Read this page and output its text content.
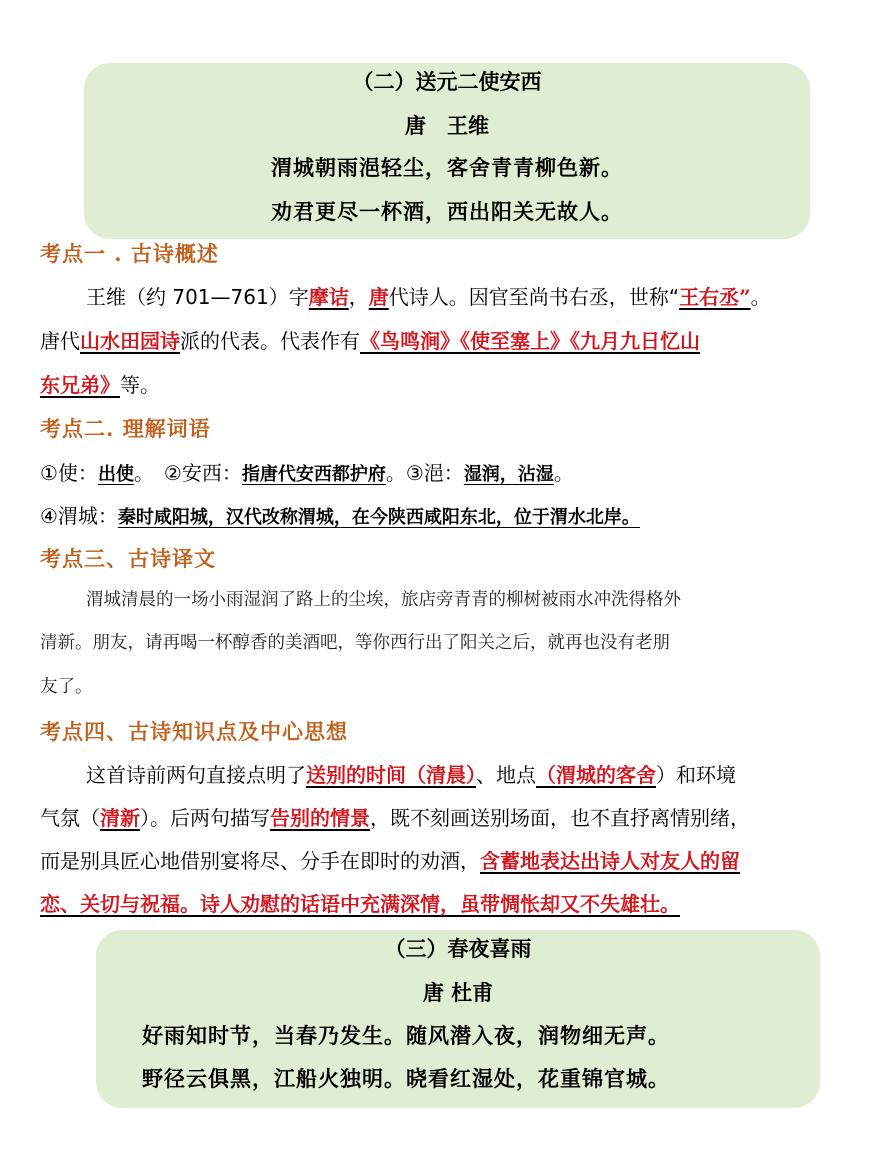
（二）送元二使安西
唐　王维
渭城朝雨浥轻尘，客舍青青柳色新。
劝君更尽一杯酒，西出阳关无故人。
考点一 . 古诗概述
王维（约 701—761）字摩诘，唐代诗人。因官至尚书右丞，世称“王右丞”。
唐代山水田园诗派的代表。代表作有《鸟鸣涧》《使至塞上》《九月九日忆山
东兄弟》等。
考点二. 理解词语
①使：出使。　②安西：指唐代安西都护府。③浥：湿润，沾湿。
④渭城：秦时咸阳城，汉代改称渭城，在今陕西咸阳东北，位于渭水北岸。
考点三、古诗译文
渭城清晨的一场小雨湿润了路上的尘埃，旅店旁青青的柳树被雨水冲洗得格外
清新。朋友，请再喝一杯醇香的美酒吧，等你西行出了阳关之后，就再也没有老朋
友了。
考点四、古诗知识点及中心思想
这首诗前两句直接点明了送别的时间（清晨）、地点（渭城的客舍）和环境
气氛（清新）。后两句描写告别的情景，既不刻画送别场面，也不直抒离情别绪，
而是别具匠心地借别宴将尽、分手在即时的劝酒，含蓄地表达出诗人对友人的留
恋、关切与祝福。诗人劝慰的话语中充满深情，虽带惆怅却又不失雄壮。
（三）春夜喜雨
唐 杜甫
好雨知时节，当春乃发生。随风潜入夜，润物细无声。
野径云俱黑，江船火独明。晓看红湿处，花重锦官城。
